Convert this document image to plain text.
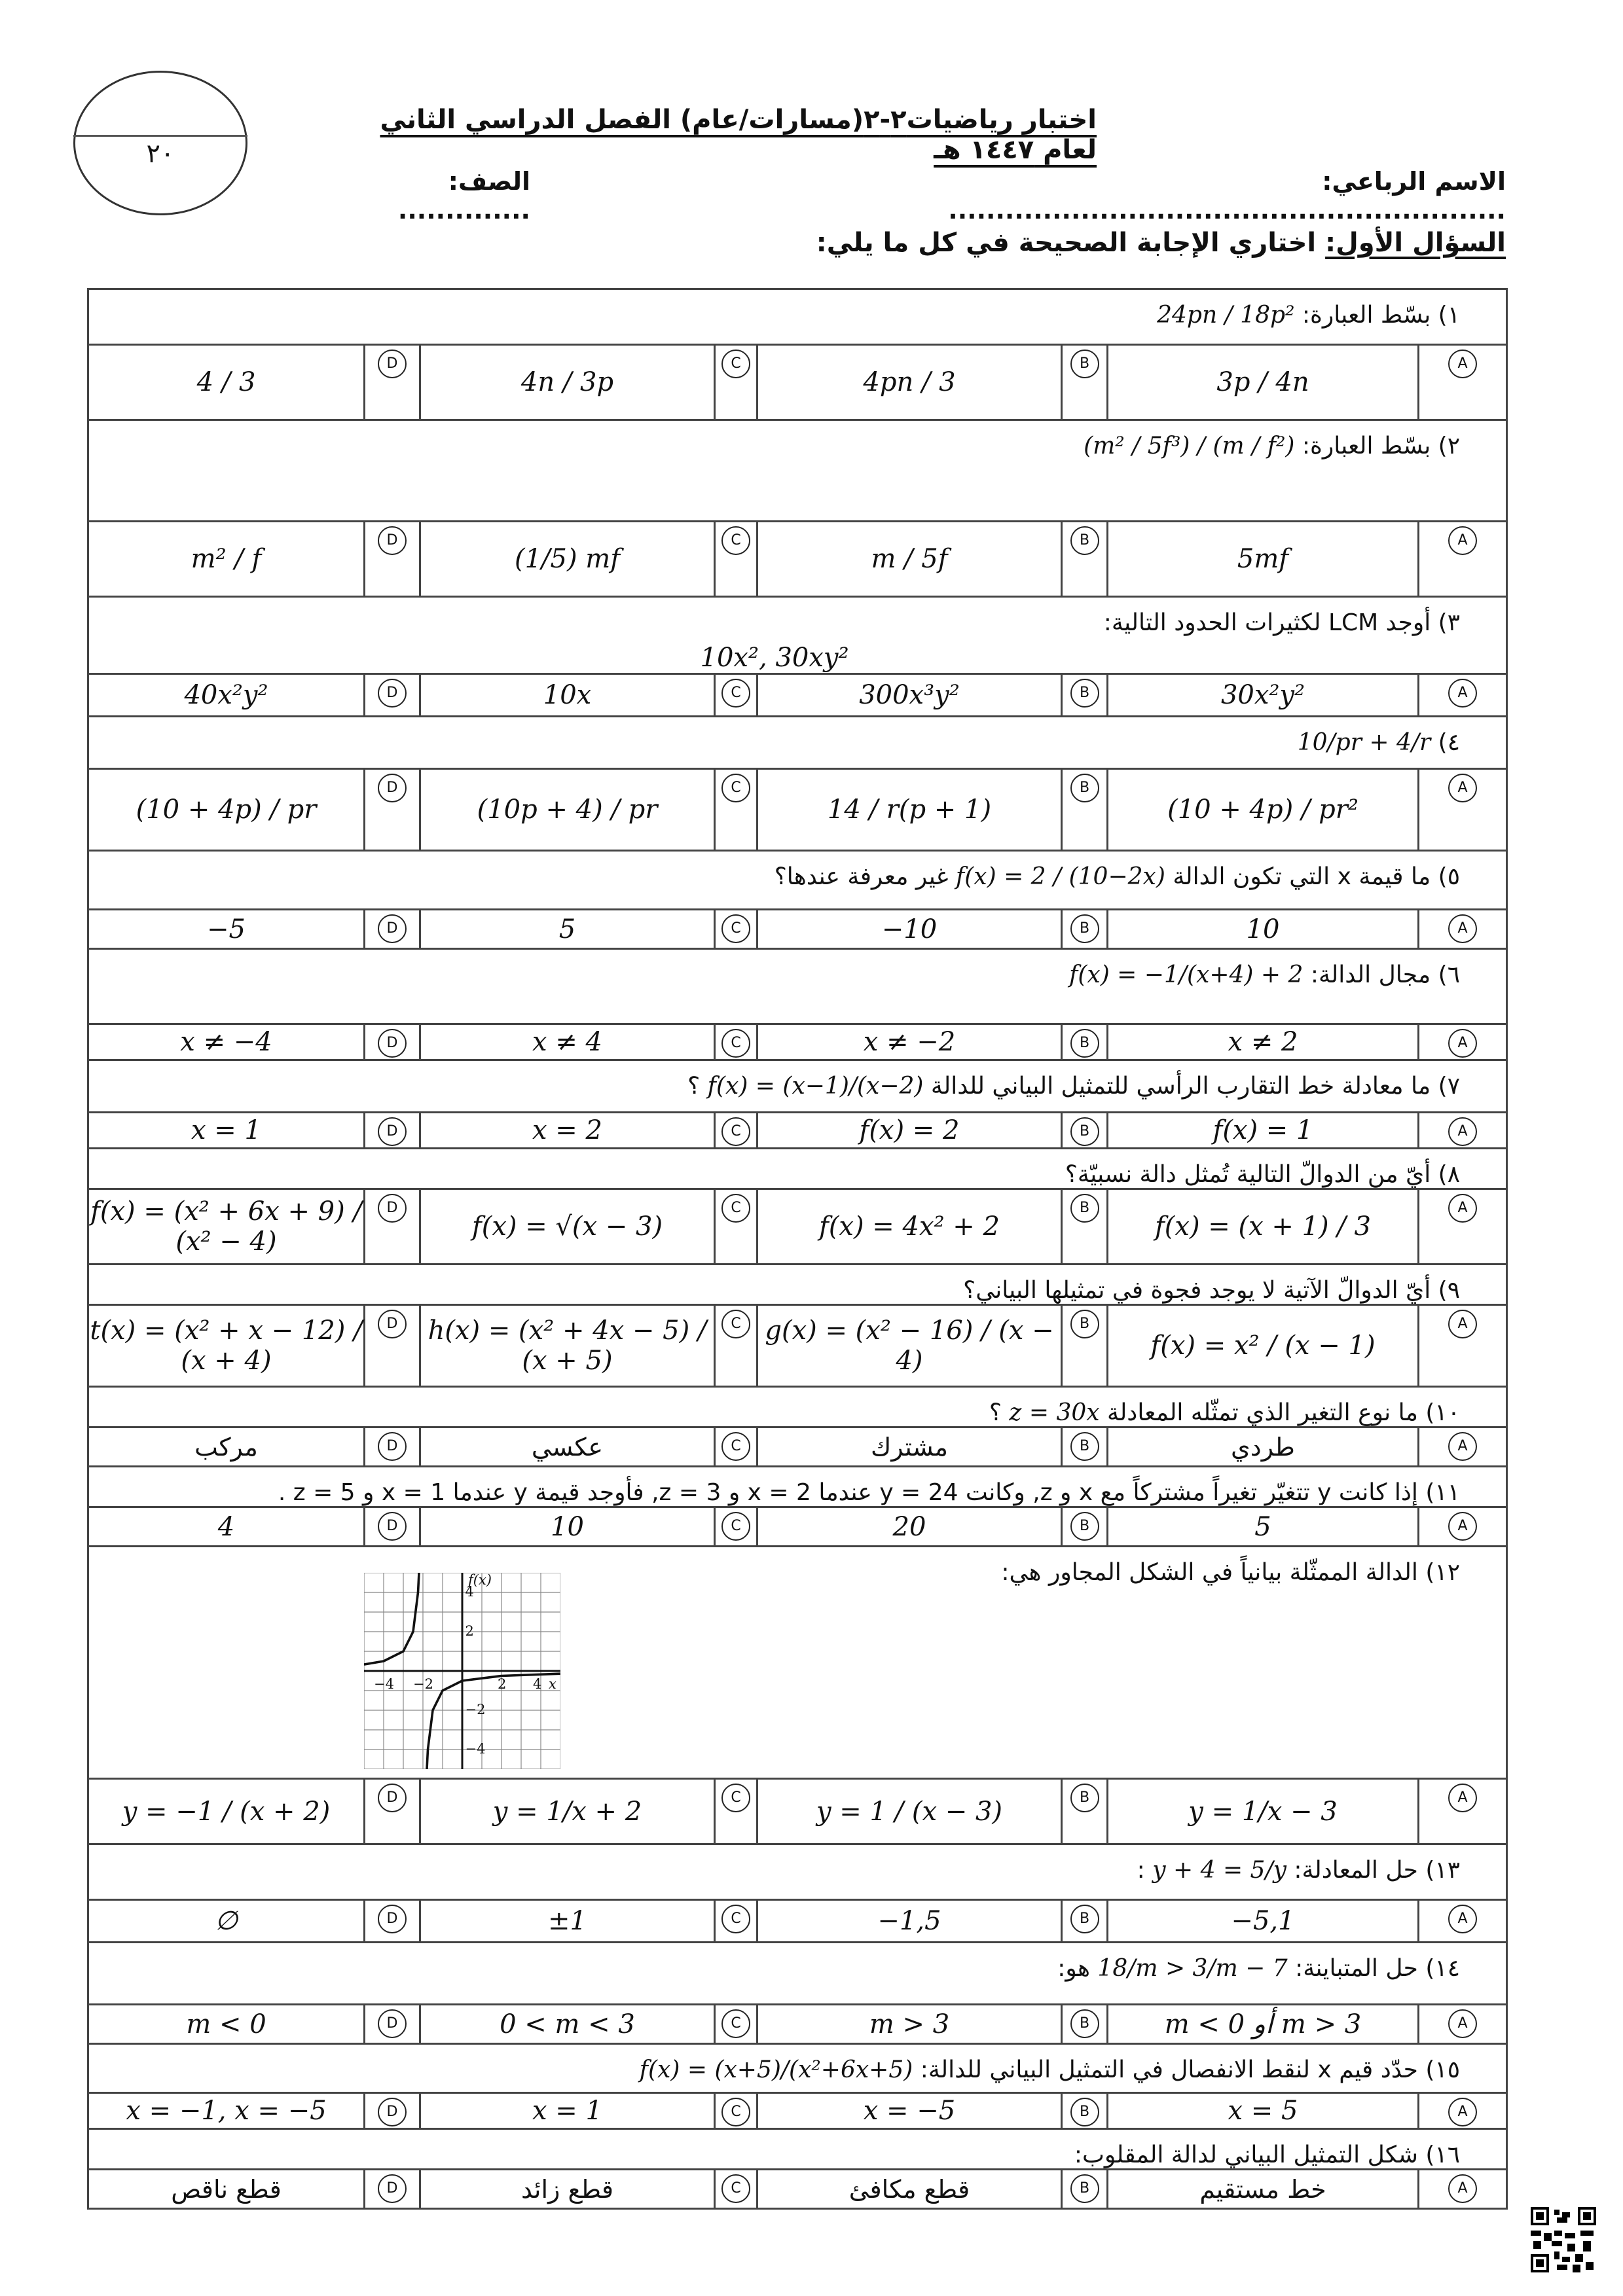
٢٠
اختبار رياضيات٢-٢(مسارات/عام) الفصل الدراسي الثاني لعام ١٤٤٧ هـ
الاسم الرباعي: ...........................................................
الصف: ..............
السؤال الأول: اختاري الإجابة الصحيحة في كل ما يلي:
١) بسّط العبارة: 24pn / 18p²							
4 / 3	D	4n / 3p	C	4pn / 3	B	3p / 4n	A
٢) بسّط العبارة: (m² / 5f³) / (m / f²)							
m² / f	D	(1/5) mf	C	m / 5f	B	5mf	A
٣) أوجد LCM لكثيرات الحدود التالية:
10x², 30xy²							

40x²y²	D	10x	C	300x³y²	B	30x²y²	A
٤) 10/pr + 4/r							
(10 + 4p) / pr	D	(10p + 4) / pr	C	14 / r(p + 1)	B	(10 + 4p) / pr²	A
٥) ما قيمة x التي تكون الدالة f(x) = 2 / (10−2x) غير معرفة عندها؟							
−5	D	5	C	−10	B	10	A
٦) مجال الدالة: f(x) = −1/(x+4) + 2							
x ≠ −4	D	x ≠ 4	C	x ≠ −2	B	x ≠ 2	A
٧) ما معادلة خط التقارب الرأسي للتمثيل البياني للدالة f(x) = (x−1)/(x−2) ؟							
x = 1	D	x = 2	C	f(x) = 2	B	f(x) = 1	A
٨) أيّ من الدوالّ التالية تُمثل دالة نسبيّة؟							
f(x) = (x² + 6x + 9) / (x² − 4)	D	f(x) = √(x − 3)	C	f(x) = 4x² + 2	B	f(x) = (x + 1) / 3	A
٩) أيّ الدوالّ الآتية لا يوجد فجوة في تمثيلها البياني؟							
t(x) = (x² + x − 12) / (x + 4)	D	h(x) = (x² + 4x − 5) / (x + 5)	C	g(x) = (x² − 16) / (x − 4)	B	f(x) = x² / (x − 1)	A
١٠) ما نوع التغير الذي تمثّله المعادلة z = 30x ؟							
مركب	D	عكسي	C	مشترك	B	طردي	A
١١) إذا كانت y تتغيّر تغيراً مشتركاً مع x و z, وكانت y = 24 عندما x = 2 و z = 3, فأوجد قيمة y عندما x = 1 و z = 5 .							
4	D	10	C	20	B	5	A
١٢) الدالة الممثّلة بيانياً في الشكل المجاور هي:

y = −1 / (x + 2)	D	y = 1/x + 2	C	y = 1 / (x − 3)	B	y = 1/x − 3	A
١٣) حل المعادلة: y + 4 = 5/y :							
∅	D	±1	C	−1,5	B	−5,1	A
١٤) حل المتباينة: 18/m > 3/m − 7 هو:							
m < 0	D	0 < m < 3	C	m > 3	B	m < 0 أو m > 3	A
١٥) حدّد قيم x لنقط الانفصال في التمثيل البياني للدالة: f(x) = (x+5)/(x²+6x+5)							
x = −1, x = −5	D	x = 1	C	x = −5	B	x = 5	A
١٦) شكل التمثيل البياني لدالة المقلوب:							
قطع ناقص	D	قطع زائد	C	قطع مكافئ	B	خط مستقيم	A
